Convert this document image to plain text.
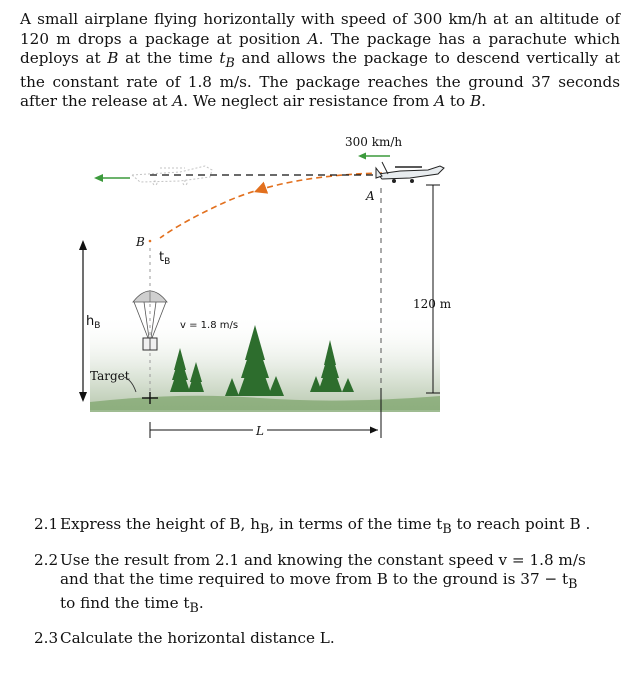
A small airplane flying horizontally with speed of 300 km/h at an altitude of 120 m drops a package at position A. The package has a parachute which deploys at B at the time $t_B$ and allows the package to descend vertically at the constant rate of 1.8 m/s. The package reaches the ground 37 seconds after the release at A. We neglect air resistance from A to B.

300 km/h
A
120 m
B
$t_B$
$h_B$	v = 1.8 m/s
Target
L
2.1 Express the height of B, $h_B$, in terms of the time $t_B$ to reach point B .
2.2 Use the result from 2.1 and knowing the constant speed v = 1.8 m/s and that the time required to move from B to the ground is $37 - t_B$ to find the time $t_B$.
2.3 Calculate the horizontal distance L.
